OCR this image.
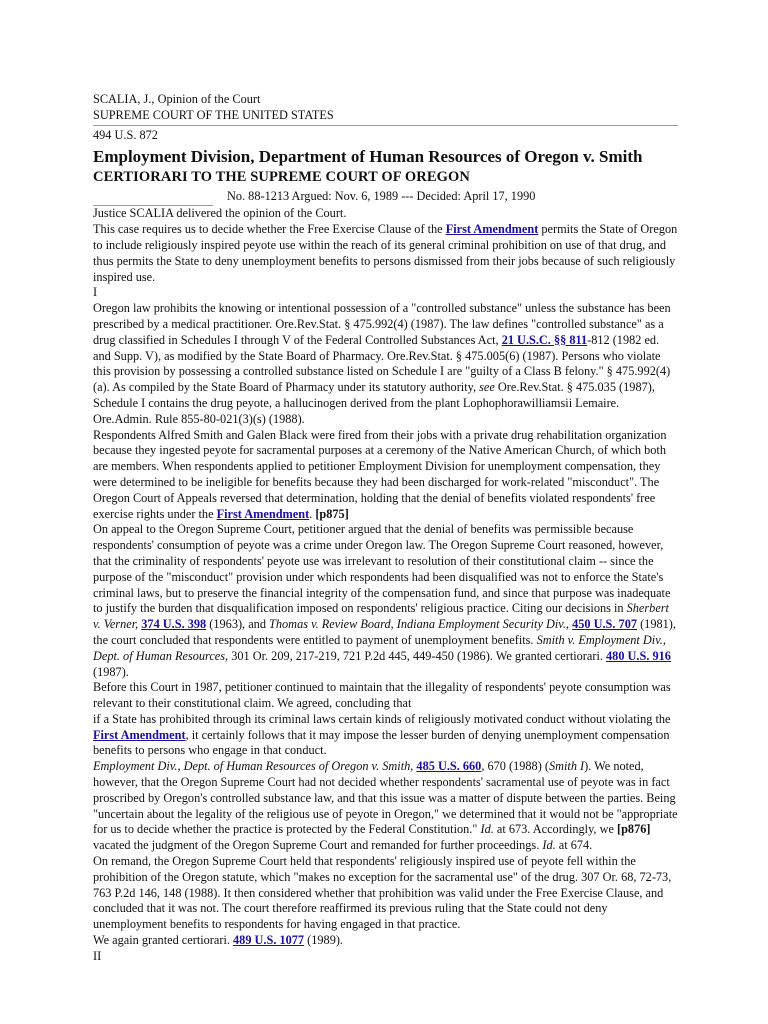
SCALIA, J., Opinion of the Court

SUPREME COURT OF THE UNITED STATES

494 U.S. 872

Employment Division, Department of Human Resources of Oregon v. Smith
CERTIORARI TO THE SUPREME COURT OF OREGON
No. 88-1213 Argued: Nov. 6, 1989 --- Decided: April 17, 1990

Justice SCALIA delivered the opinion of the Court.

This case requires us to decide whether the Free Exercise Clause of the First Amendment permits the State of Oregon to include religiously inspired peyote use within the reach of its general criminal prohibition on use of that drug, and thus permits the State to deny unemployment benefits to persons dismissed from their jobs because of such religiously inspired use.

I

Oregon law prohibits the knowing or intentional possession of a "controlled substance" unless the substance has been prescribed by a medical practitioner. Ore.Rev.Stat. § 475.992(4) (1987). The law defines "controlled substance" as a drug classified in Schedules I through V of the Federal Controlled Substances Act, 21 U.S.C. §§ 811-812 (1982 ed. and Supp. V), as modified by the State Board of Pharmacy. Ore.Rev.Stat. § 475.005(6) (1987). Persons who violate this provision by possessing a controlled substance listed on Schedule I are "guilty of a Class B felony." § 475.992(4)(a). As compiled by the State Board of Pharmacy under its statutory authority, see Ore.Rev.Stat. § 475.035 (1987), Schedule I contains the drug peyote, a hallucinogen derived from the plant Lophophorawilliamsii Lemaire. Ore.Admin. Rule 855-80-021(3)(s) (1988).

Respondents Alfred Smith and Galen Black were fired from their jobs with a private drug rehabilitation organization because they ingested peyote for sacramental purposes at a ceremony of the Native American Church, of which both are members. When respondents applied to petitioner Employment Division for unemployment compensation, they were determined to be ineligible for benefits because they had been discharged for work-related "misconduct". The Oregon Court of Appeals reversed that determination, holding that the denial of benefits violated respondents' free exercise rights under the First Amendment. [p875]

On appeal to the Oregon Supreme Court, petitioner argued that the denial of benefits was permissible because respondents' consumption of peyote was a crime under Oregon law. The Oregon Supreme Court reasoned, however, that the criminality of respondents' peyote use was irrelevant to resolution of their constitutional claim -- since the purpose of the "misconduct" provision under which respondents had been disqualified was not to enforce the State's criminal laws, but to preserve the financial integrity of the compensation fund, and since that purpose was inadequate to justify the burden that disqualification imposed on respondents' religious practice. Citing our decisions in Sherbert v. Verner, 374 U.S. 398 (1963), and Thomas v. Review Board, Indiana Employment Security Div., 450 U.S. 707 (1981), the court concluded that respondents were entitled to payment of unemployment benefits. Smith v. Employment Div., Dept. of Human Resources, 301 Or. 209, 217-219, 721 P.2d 445, 449-450 (1986). We granted certiorari. 480 U.S. 916 (1987).

Before this Court in 1987, petitioner continued to maintain that the illegality of respondents' peyote consumption was relevant to their constitutional claim. We agreed, concluding that

if a State has prohibited through its criminal laws certain kinds of religiously motivated conduct without violating the First Amendment, it certainly follows that it may impose the lesser burden of denying unemployment compensation benefits to persons who engage in that conduct.

Employment Div., Dept. of Human Resources of Oregon v. Smith, 485 U.S. 660, 670 (1988) (Smith I). We noted, however, that the Oregon Supreme Court had not decided whether respondents' sacramental use of peyote was in fact proscribed by Oregon's controlled substance law, and that this issue was a matter of dispute between the parties. Being "uncertain about the legality of the religious use of peyote in Oregon," we determined that it would not be "appropriate for us to decide whether the practice is protected by the Federal Constitution." Id. at 673. Accordingly, we [p876] vacated the judgment of the Oregon Supreme Court and remanded for further proceedings. Id. at 674.

On remand, the Oregon Supreme Court held that respondents' religiously inspired use of peyote fell within the prohibition of the Oregon statute, which "makes no exception for the sacramental use" of the drug. 307 Or. 68, 72-73, 763 P.2d 146, 148 (1988). It then considered whether that prohibition was valid under the Free Exercise Clause, and concluded that it was not. The court therefore reaffirmed its previous ruling that the State could not deny unemployment benefits to respondents for having engaged in that practice.

We again granted certiorari. 489 U.S. 1077 (1989).

II
